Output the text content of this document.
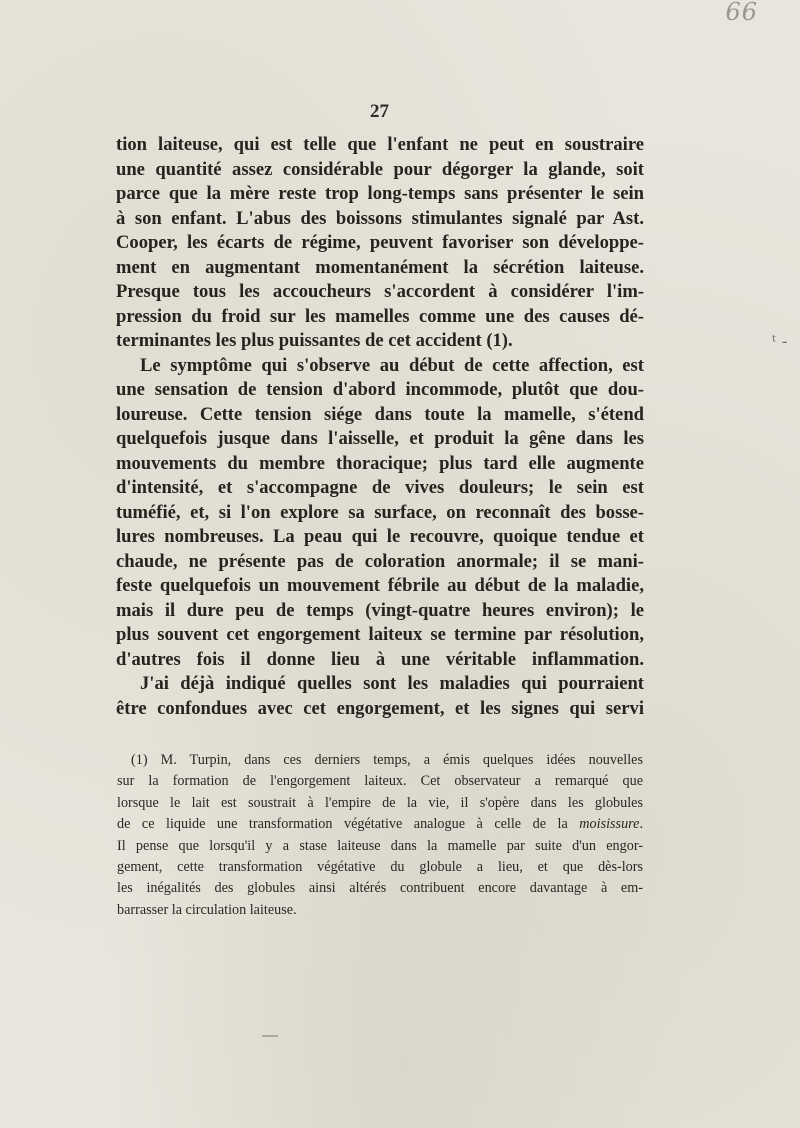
66
27
tion laiteuse, qui est telle que l'enfant ne peut en soustraire
une quantité assez considérable pour dégorger la glande, soit
parce que la mère reste trop long-temps sans présenter le sein
à son enfant. L'abus des boissons stimulantes signalé par Ast.
Cooper, les écarts de régime, peuvent favoriser son développe-
ment en augmentant momentanément la sécrétion laiteuse.
Presque tous les accoucheurs s'accordent à considérer l'im-
pression du froid sur les mamelles comme une des causes dé-
terminantes les plus puissantes de cet accident (1).
Le symptôme qui s'observe au début de cette affection, est
une sensation de tension d'abord incommode, plutôt que dou-
loureuse. Cette tension siége dans toute la mamelle, s'étend
quelquefois jusque dans l'aisselle, et produit la gêne dans les
mouvements du membre thoracique; plus tard elle augmente
d'intensité, et s'accompagne de vives douleurs; le sein est
tuméfié, et, si l'on explore sa surface, on reconnaît des bosse-
lures nombreuses. La peau qui le recouvre, quoique tendue et
chaude, ne présente pas de coloration anormale; il se mani-
feste quelquefois un mouvement fébrile au début de la maladie,
mais il dure peu de temps (vingt-quatre heures environ); le
plus souvent cet engorgement laiteux se termine par résolution,
d'autres fois il donne lieu à une véritable inflammation.
J'ai déjà indiqué quelles sont les maladies qui pourraient
être confondues avec cet engorgement, et les signes qui servi
(1) M. Turpin, dans ces derniers temps, a émis quelques idées nouvelles
sur la formation de l'engorgement laiteux. Cet observateur a remarqué que
lorsque le lait est soustrait à l'empire de la vie, il s'opère dans les globules
de ce liquide une transformation végétative analogue à celle de la moisissure.
Il pense que lorsqu'il y a stase laiteuse dans la mamelle par suite d'un engor-
gement, cette transformation végétative du globule a lieu, et que dès-lors
les inégalités des globules ainsi altérés contribuent encore davantage à em-
barrasser la circulation laiteuse.
ᵗ -
